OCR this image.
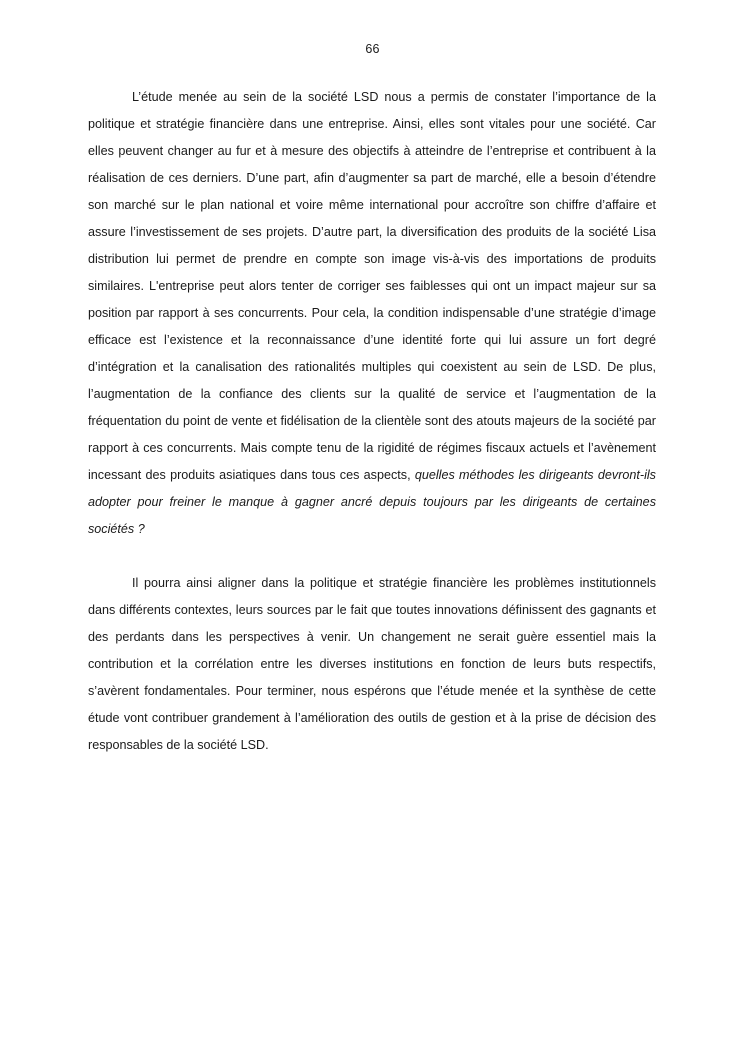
66

L’étude menée au sein de la société LSD nous a permis de constater l’importance de la politique et stratégie financière dans une entreprise. Ainsi, elles sont vitales pour une société. Car elles peuvent changer au fur et à mesure des objectifs à atteindre de l’entreprise et contribuent à la réalisation de ces derniers. D’une part, afin d’augmenter sa part de marché, elle a besoin d’étendre son marché sur le plan national et voire même international pour accroître son chiffre d’affaire et assure l’investissement de ses projets. D’autre part, la diversification des produits de la société Lisa distribution lui permet de prendre en compte son image vis-à-vis des importations de produits similaires. L'entreprise peut alors tenter de corriger ses faiblesses qui ont un impact majeur sur sa position par rapport à ses concurrents. Pour cela, la condition indispensable d’une stratégie d’image efficace est l’existence et la reconnaissance d’une identité forte qui lui assure un fort degré d’intégration et la canalisation des rationalités multiples qui coexistent au sein de LSD. De plus, l’augmentation de la confiance des clients sur la qualité de service et l’augmentation de la fréquentation du point de vente et fidélisation de la clientèle sont des atouts majeurs de la société par rapport à ces concurrents. Mais compte tenu de la rigidité de régimes fiscaux actuels et l’avènement incessant des produits asiatiques dans tous ces aspects, quelles méthodes les dirigeants devront-ils adopter pour freiner le manque à gagner ancré depuis toujours par les dirigeants de certaines sociétés ?

Il pourra ainsi aligner dans la politique et stratégie financière les problèmes institutionnels dans différents contextes, leurs sources par le fait que toutes innovations définissent des gagnants et des perdants dans les perspectives à venir. Un changement ne serait guère essentiel mais la contribution et la corrélation entre les diverses institutions en fonction de leurs buts respectifs, s’avèrent fondamentales. Pour terminer, nous espérons que l’étude menée et la synthèse de cette étude vont contribuer grandement à l’amélioration des outils de gestion et à la prise de décision des responsables de la société LSD.
